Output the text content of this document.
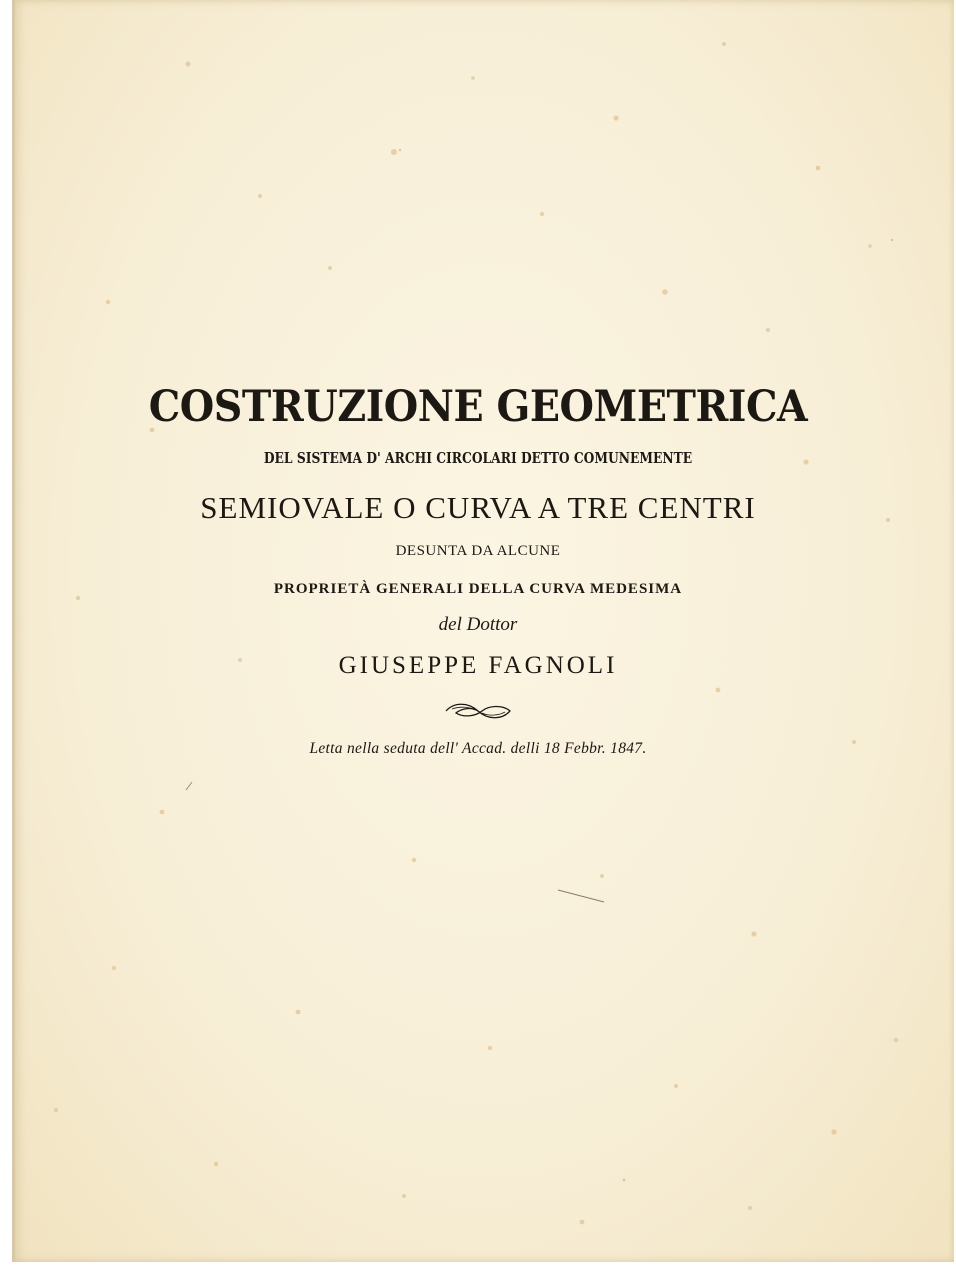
COSTRUZIONE GEOMETRICA
DEL SISTEMA D' ARCHI CIRCOLARI DETTO COMUNEMENTE
SEMIOVALE O CURVA A TRE CENTRI
DESUNTA DA ALCUNE
PROPRIETÀ GENERALI DELLA CURVA MEDESIMA
del Dottor
GIUSEPPE FAGNOLI
Letta nella seduta dell' Accad. delli 18 Febbr. 1847.
